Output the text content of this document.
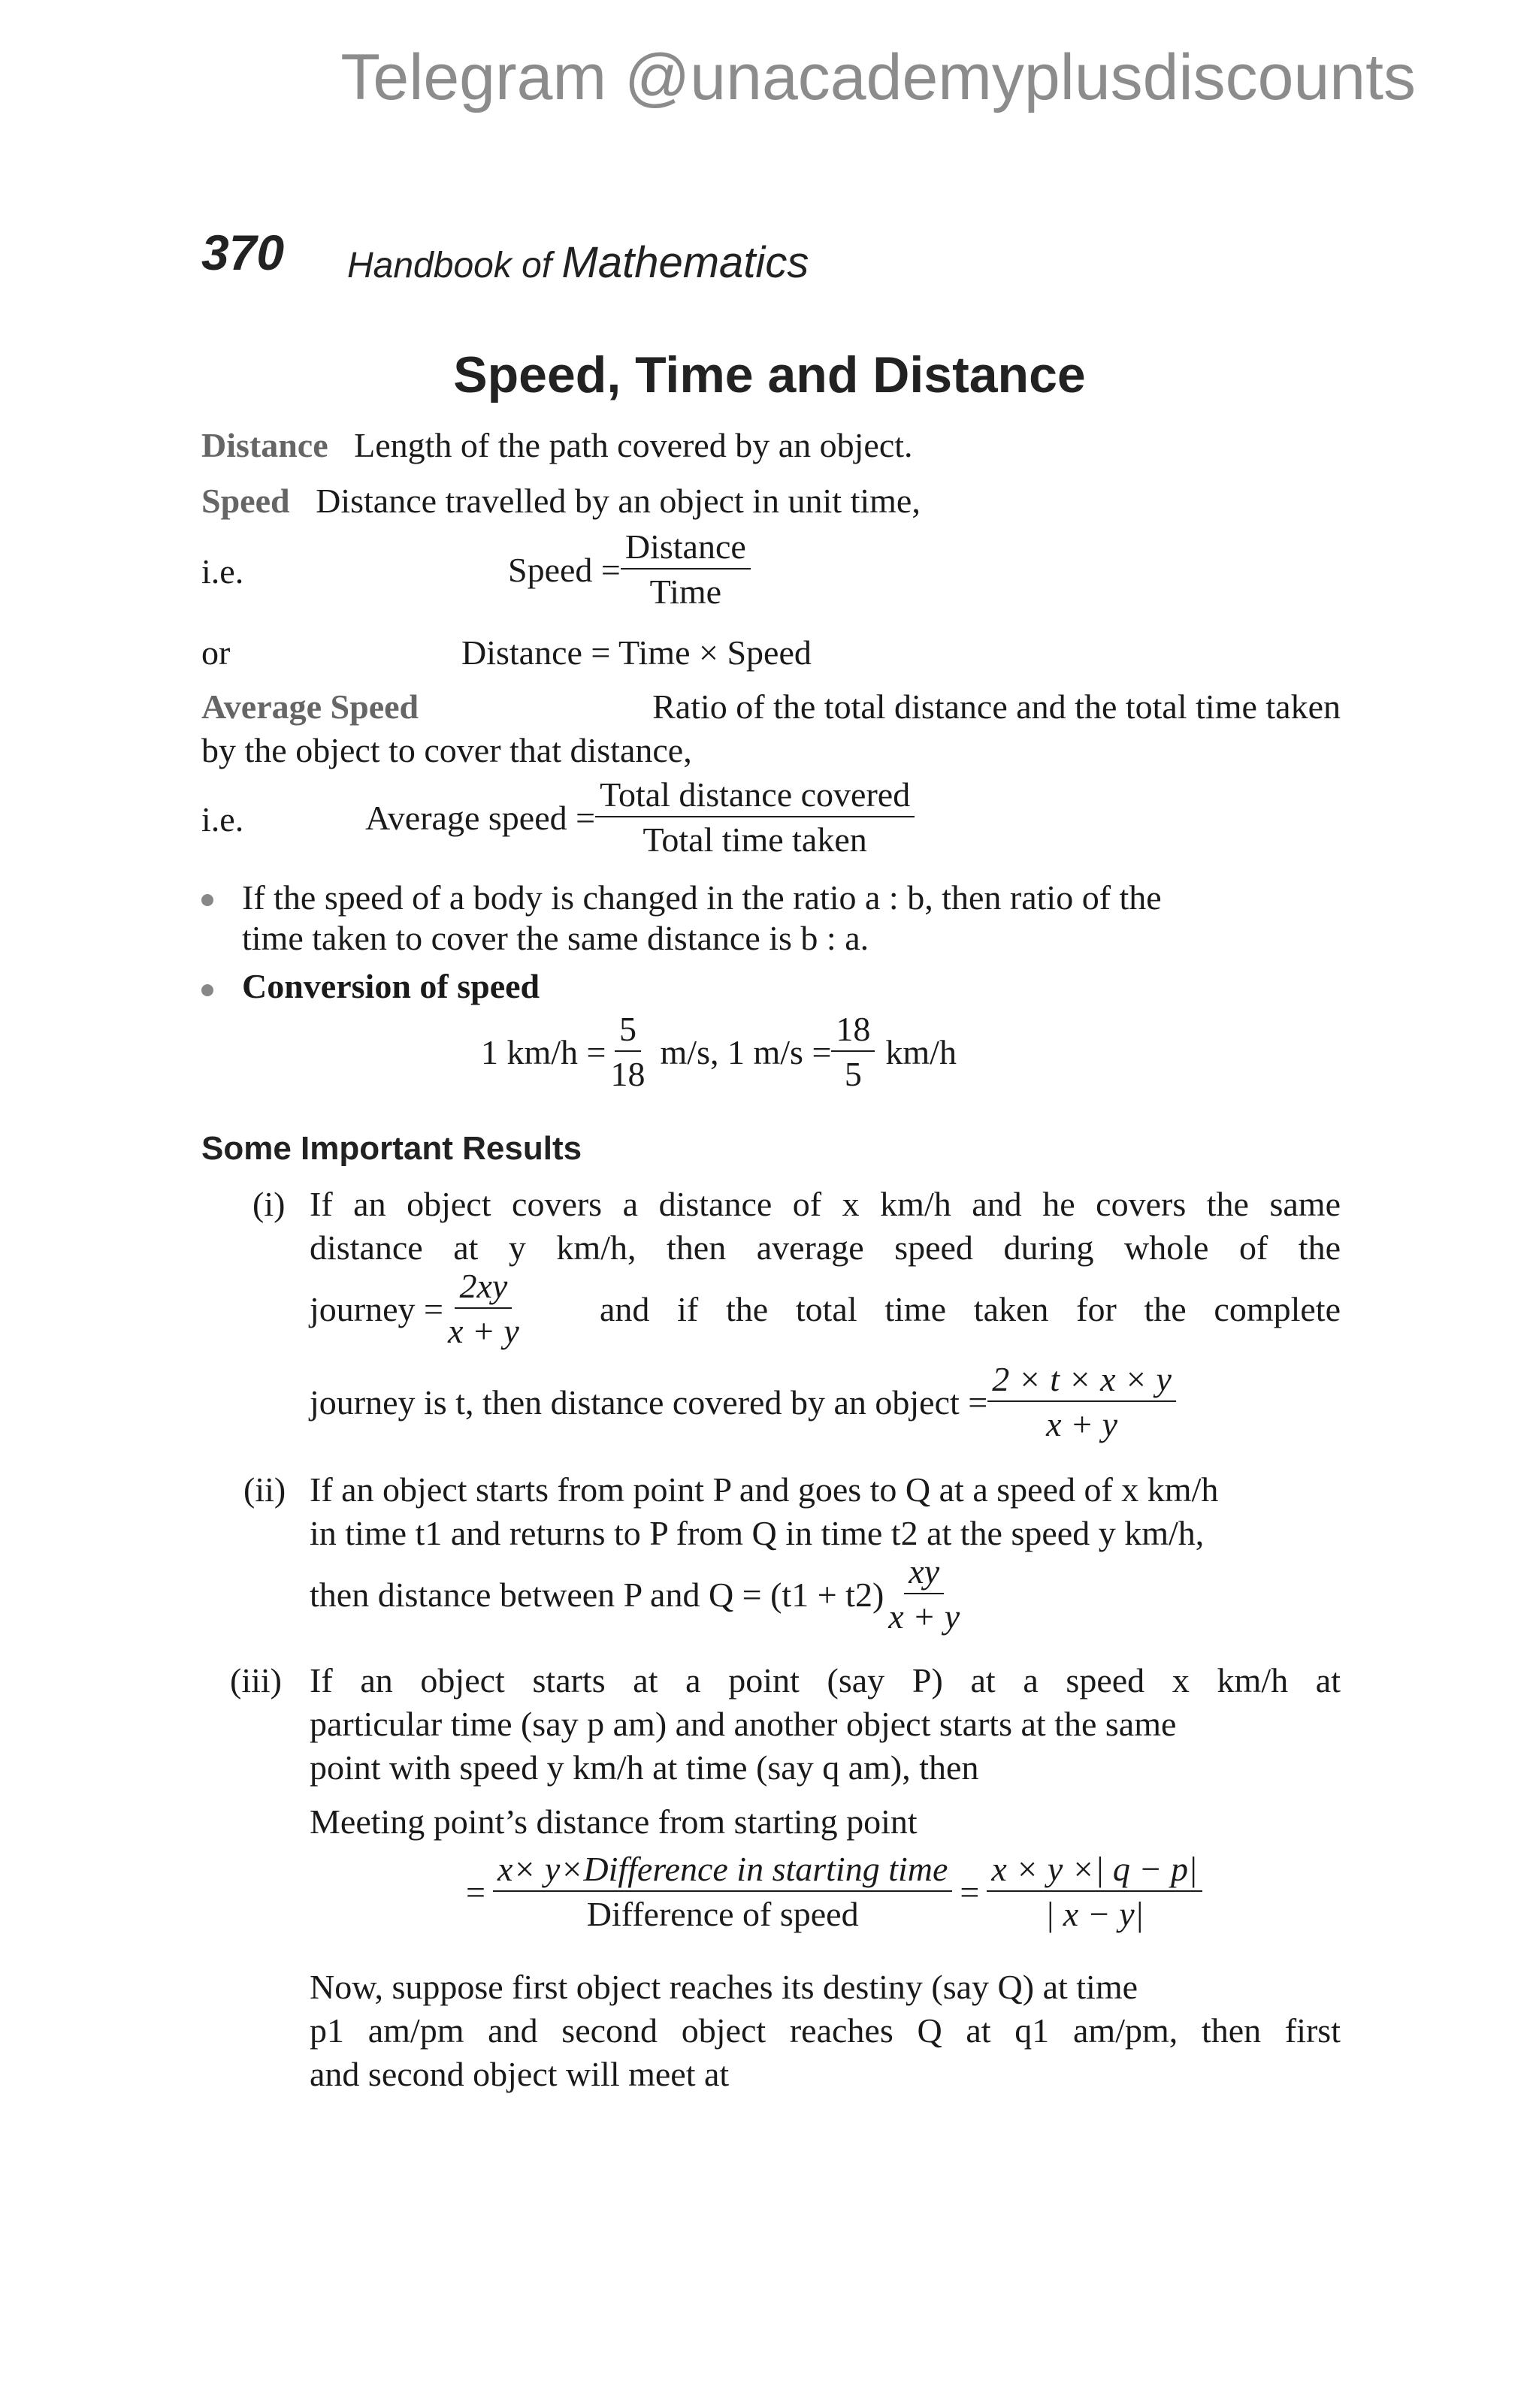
Telegram @unacademyplusdiscounts
370 Handbook of Mathematics
Speed, Time and Distance
Distance Length of the path covered by an object.
Speed Distance travelled by an object in unit time,
i.e.	Speed = $\frac{\text{Distance}}{\text{Time}}$
or	Distance = Time × Speed
Average Speed	Ratio of the total distance and the total time taken
by the object to cover that distance,
i.e.	Average speed = $\frac{\text{Total distance covered}}{\text{Total time taken}}$
If the speed of a body is changed in the ratio a : b, then ratio of the
time taken to cover the same distance is b : a.
Conversion of speed
1 $km/h = \frac{5}{18} m/s$, 1 $m/s = \frac{18}{5} km/h$
Some Important Results
(i) If an object covers a distance of x km/h and he covers the same
distance at y km/h, then average speed during whole of the
journey = $\frac{2xy}{x + y}$ and if the total time taken for the complete
journey is t, then distance covered by an object = $\frac{2 \times t \times x \times y}{x + y}$
(ii) If an object starts from point P and goes to Q at a speed of x km/h
in time t1 and returns to P from Q in time t2 at the speed y km/h,
then distance between P and $Q = (t1 + t2) \frac{xy}{x + y}$
(iii) If an object starts at a point (say P) at a speed x km/h at
particular time (say p am) and another object starts at the same
point with speed y km/h at time (say q am), then
Meeting point’s distance from starting point
= $\frac{\text{x× y×Difference in starting time}}{\text{Difference of speed}} = \frac{x \times y \times| q - p|}{| x - y|}$
Now, suppose first object reaches its destiny (say Q) at time
p1 am/pm and second object reaches Q at q1 am/pm, then first
and second object will meet at
